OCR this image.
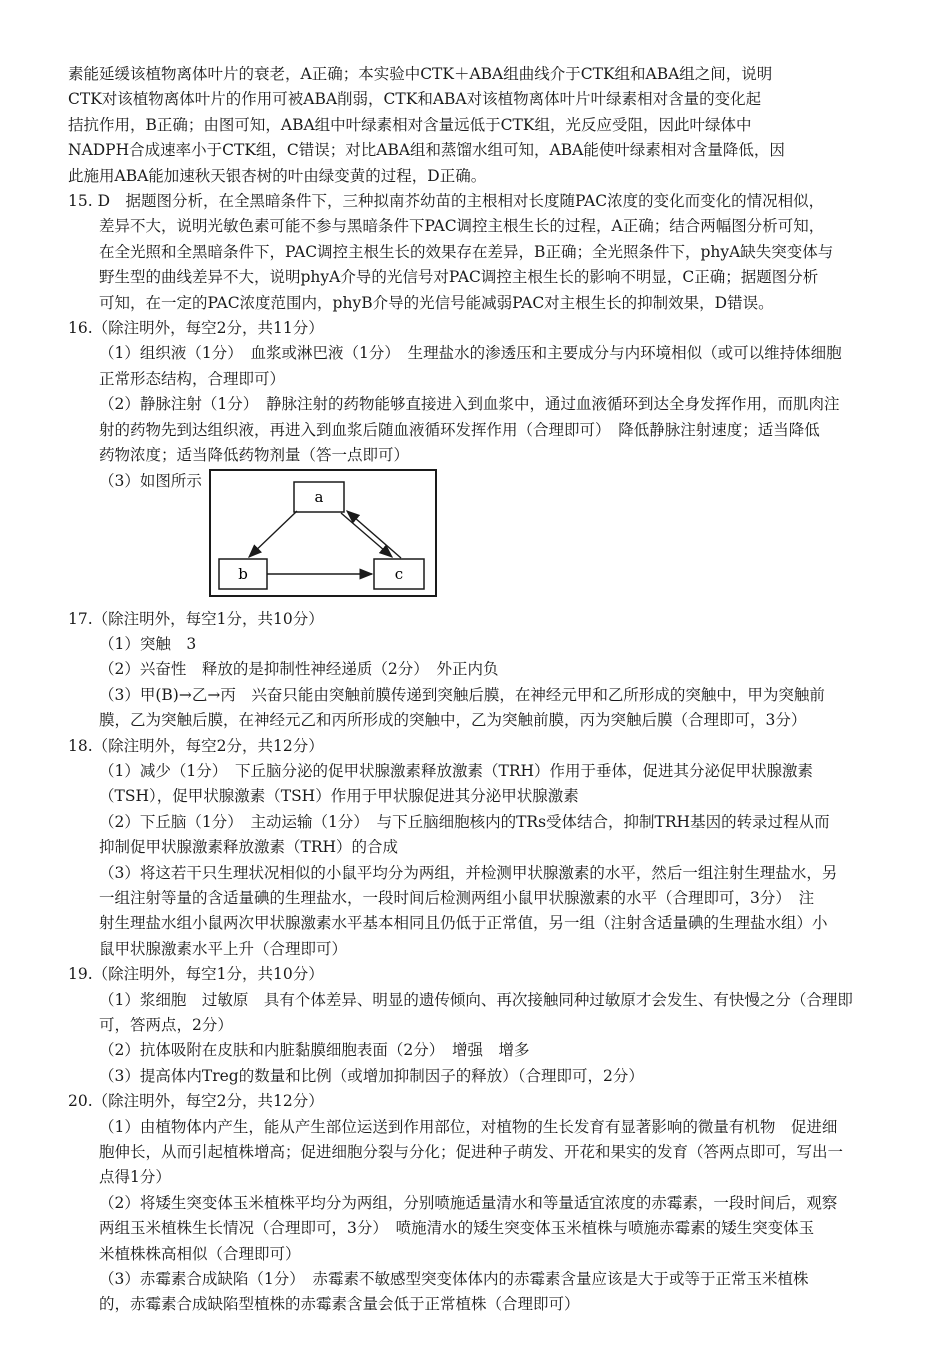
素能延缓该植物离体叶片的衰老，A正确；本实验中CTK＋ABA组曲线介于CTK组和ABA组之间，说明
CTK对该植物离体叶片的作用可被ABA削弱，CTK和ABA对该植物离体叶片叶绿素相对含量的变化起
拮抗作用，B正确；由图可知，ABA组中叶绿素相对含量远低于CTK组，光反应受阻，因此叶绿体中
NADPH合成速率小于CTK组，C错误；对比ABA组和蒸馏水组可知，ABA能使叶绿素相对含量降低，因
此施用ABA能加速秋天银杏树的叶由绿变黄的过程，D正确。
15. D　据题图分析，在全黑暗条件下，三种拟南芥幼苗的主根相对长度随PAC浓度的变化而变化的情况相似，
差异不大，说明光敏色素可能不参与黑暗条件下PAC调控主根生长的过程，A正确；结合两幅图分析可知，
在全光照和全黑暗条件下，PAC调控主根生长的效果存在差异，B正确；全光照条件下，phyA缺失突变体与
野生型的曲线差异不大，说明phyA介导的光信号对PAC调控主根生长的影响不明显，C正确；据题图分析
可知，在一定的PAC浓度范围内，phyB介导的光信号能减弱PAC对主根生长的抑制效果，D错误。
16.（除注明外，每空2分，共11分）
（1）组织液（1分）　血浆或淋巴液（1分）　生理盐水的渗透压和主要成分与内环境相似（或可以维持体细胞
正常形态结构，合理即可）
（2）静脉注射（1分）　静脉注射的药物能够直接进入到血浆中，通过血液循环到达全身发挥作用，而肌肉注
射的药物先到达组织液，再进入到血浆后随血液循环发挥作用（合理即可）　降低静脉注射速度；适当降低
药物浓度；适当降低药物剂量（答一点即可）
（3）如图所示
a
b	c
17.（除注明外，每空1分，共10分）
（1）突触　3
（2）兴奋性　释放的是抑制性神经递质（2分）　外正内负
（3）甲(B)→乙→丙　兴奋只能由突触前膜传递到突触后膜，在神经元甲和乙所形成的突触中，甲为突触前
膜，乙为突触后膜，在神经元乙和丙所形成的突触中，乙为突触前膜，丙为突触后膜（合理即可，3分）
18.（除注明外，每空2分，共12分）
（1）减少（1分）　下丘脑分泌的促甲状腺激素释放激素（TRH）作用于垂体，促进其分泌促甲状腺激素
（TSH），促甲状腺激素（TSH）作用于甲状腺促进其分泌甲状腺激素
（2）下丘脑（1分）　主动运输（1分）　与下丘脑细胞核内的TRs受体结合，抑制TRH基因的转录过程从而
抑制促甲状腺激素释放激素（TRH）的合成
（3）将这若干只生理状况相似的小鼠平均分为两组，并检测甲状腺激素的水平，然后一组注射生理盐水，另
一组注射等量的含适量碘的生理盐水，一段时间后检测两组小鼠甲状腺激素的水平（合理即可，3分）　注
射生理盐水组小鼠两次甲状腺激素水平基本相同且仍低于正常值，另一组（注射含适量碘的生理盐水组）小
鼠甲状腺激素水平上升（合理即可）
19.（除注明外，每空1分，共10分）
（1）浆细胞　过敏原　具有个体差异、明显的遗传倾向、再次接触同种过敏原才会发生、有快慢之分（合理即
可，答两点，2分）
（2）抗体吸附在皮肤和内脏黏膜细胞表面（2分）　增强　增多
（3）提高体内Treg的数量和比例（或增加抑制因子的释放）（合理即可，2分）
20.（除注明外，每空2分，共12分）
（1）由植物体内产生，能从产生部位运送到作用部位，对植物的生长发育有显著影响的微量有机物　促进细
胞伸长，从而引起植株增高；促进细胞分裂与分化；促进种子萌发、开花和果实的发育（答两点即可，写出一
点得1分）
（2）将矮生突变体玉米植株平均分为两组，分别喷施适量清水和等量适宜浓度的赤霉素，一段时间后，观察
两组玉米植株生长情况（合理即可，3分）　喷施清水的矮生突变体玉米植株与喷施赤霉素的矮生突变体玉
米植株株高相似（合理即可）
（3）赤霉素合成缺陷（1分）　赤霉素不敏感型突变体体内的赤霉素含量应该是大于或等于正常玉米植株
的，赤霉素合成缺陷型植株的赤霉素含量会低于正常植株（合理即可）
